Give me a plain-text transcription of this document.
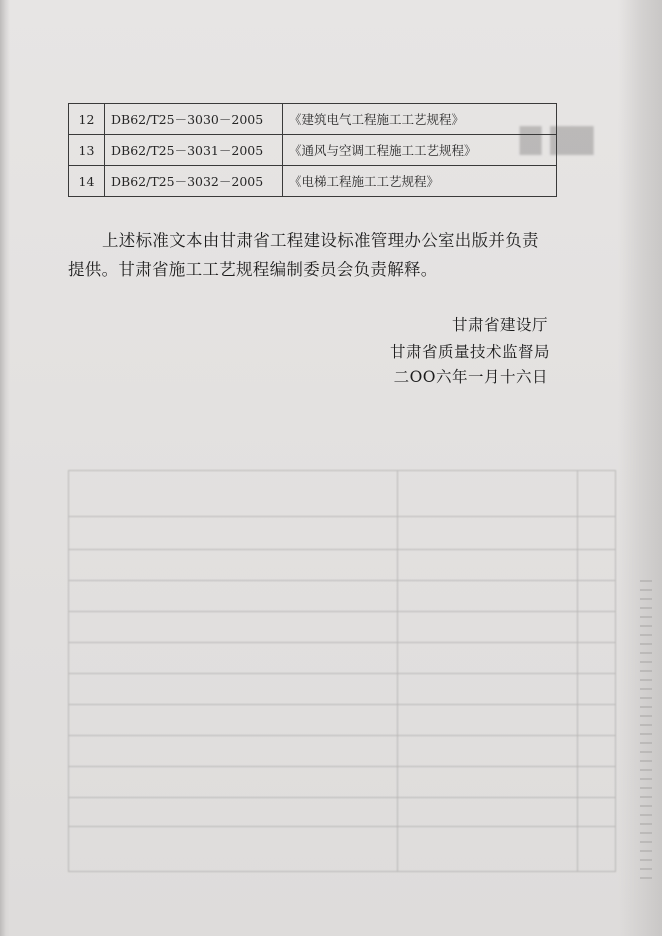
▇▇ ▇
12	DB62/T25－3030－2005	《建筑电气工程施工工艺规程》
13	DB62/T25－3031－2005	《通风与空调工程施工工艺规程》
14	DB62/T25－3032－2005	《电梯工程施工工艺规程》
上述标准文本由甘肃省工程建设标准管理办公室出版并负责
提供。甘肃省施工工艺规程编制委员会负责解释。
甘肃省建设厅
甘肃省质量技术监督局
二OO六年一月十六日
